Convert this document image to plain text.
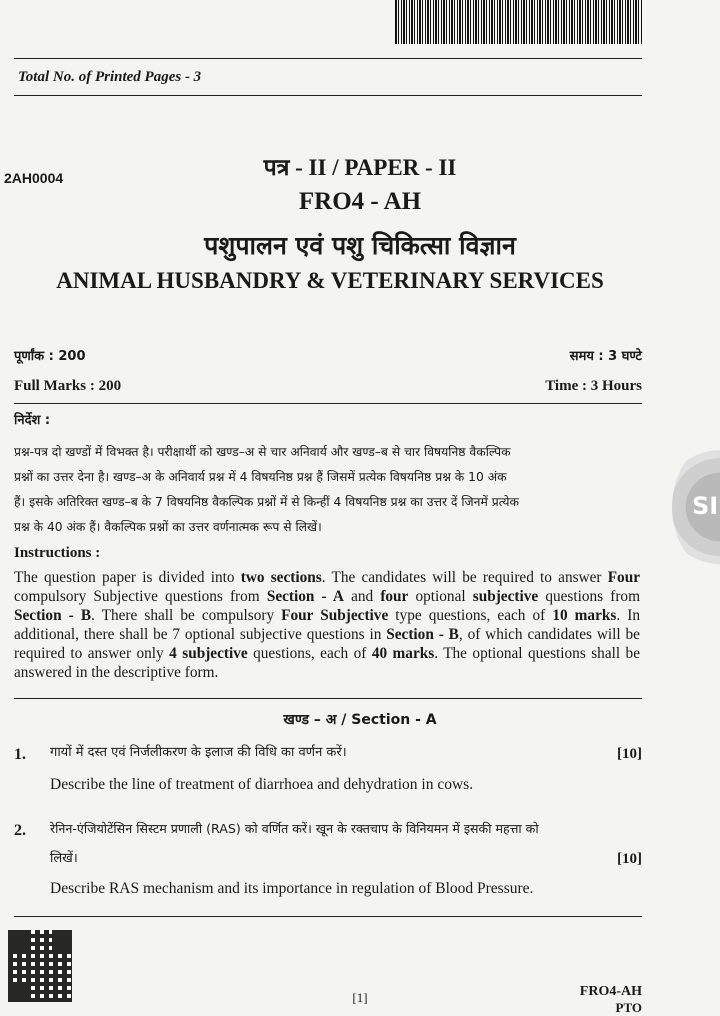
Total No. of Printed Pages - 3
2AH0004	पत्र - II / PAPER - II
FRO4 - AH
पशुपालन एवं पशु चिकित्सा विज्ञान
ANIMAL HUSBANDRY & VETERINARY SERVICES
पूर्णांक : 200
Full Marks : 200
समय : 3 घण्टे
Time : 3 Hours
निर्देश :
प्रश्न-पत्र दो खण्डों में विभक्त है। परीक्षार्थी को खण्ड–अ से चार अनिवार्य और खण्ड–ब से चार विषयनिष्ठ वैकल्पिक
प्रश्नों का उत्तर देना है। खण्ड–अ के अनिवार्य प्रश्न में 4 विषयनिष्ठ प्रश्न हैं जिसमें प्रत्येक विषयनिष्ठ प्रश्न के 10 अंक
हैं। इसके अतिरिक्त खण्ड–ब के 7 विषयनिष्ठ वैकल्पिक प्रश्नों में से किन्हीं 4 विषयनिष्ठ प्रश्न का उत्तर दें जिनमें प्रत्येक
प्रश्न के 40 अंक हैं। वैकल्पिक प्रश्नों का उत्तर वर्णनात्मक रूप से लिखें।
Instructions :
The question paper is divided into two sections. The candidates will be required to answer Four compulsory Subjective questions from Section - A and four optional subjective questions from Section - B. There shall be compulsory Four Subjective type questions, each of 10 marks. In additional, there shall be 7 optional subjective questions in Section - B, of which candidates will be required to answer only 4 subjective questions, each of 40 marks. The optional questions shall be answered in the descriptive form.
खण्ड – अ / Section - A
1. गायों में दस्त एवं निर्जलीकरण के इलाज की विधि का वर्णन करें।	[10]
Describe the line of treatment of diarrhoea and dehydration in cows.
2. रेनिन-एंजियोटेंसिन सिस्टम प्रणाली (RAS) को वर्णित करें। खून के रक्तचाप के विनियमन में इसकी महत्ता को
लिखें।	[10]
Describe RAS mechanism and its importance in regulation of Blood Pressure.
[1]	FRO4-AH
PTO
SI
